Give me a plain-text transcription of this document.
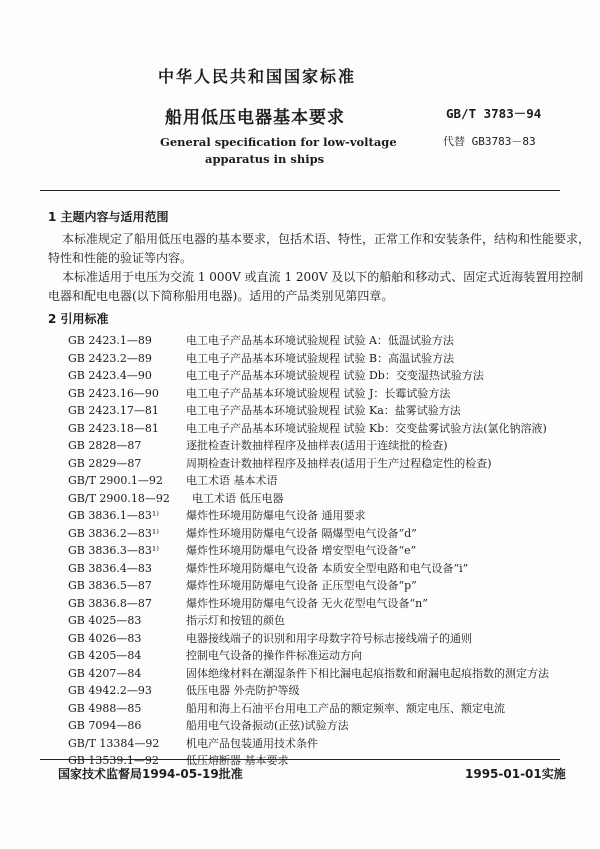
中华人民共和国国家标准
船用低压电器基本要求	GB/T 3783－94
General specification for low-voltage
apparatus in ships
代替 GB3783－83
1 主题内容与适用范围
本标准规定了船用低压电器的基本要求，包括术语、特性，正常工作和安装条件，结构和性能要求，
特性和性能的验证等内容。
本标准适用于电压为交流 1 000V 或直流 1 200V 及以下的船舶和移动式、固定式近海装置用控制
电器和配电电器(以下简称船用电器)。适用的产品类别见第四章。
2 引用标准
GB 2423.1—89	电工电子产品基本环境试验规程 试验 A：低温试验方法
GB 2423.2—89	电工电子产品基本环境试验规程 试验 B：高温试验方法
GB 2423.4—90	电工电子产品基本环境试验规程 试验 Db：交变湿热试验方法
GB 2423.16—90 电工电子产品基本环境试验规程 试验 J：长霉试验方法
GB 2423.17—81 电工电子产品基本环境试验规程 试验 Ka：盐雾试验方法
GB 2423.18—81 电工电子产品基本环境试验规程 试验 Kb：交变盐雾试验方法(氯化钠溶液)
GB 2828—87	逐批检查计数抽样程序及抽样表(适用于连续批的检查)
GB 2829—87	周期检查计数抽样程序及抽样表(适用于生产过程稳定性的检查)
GB/T 2900.1—92 电工术语 基本术语
GB/T 2900.18—92 电工术语 低压电器
GB 3836.1—83¹⁾ 爆炸性环境用防爆电气设备 通用要求
GB 3836.2—83¹⁾ 爆炸性环境用防爆电气设备 隔爆型电气设备“d”
GB 3836.3—83¹⁾ 爆炸性环境用防爆电气设备 增安型电气设备“e”
GB 3836.4—83	爆炸性环境用防爆电气设备 本质安全型电路和电气设备“i”
GB 3836.5—87	爆炸性环境用防爆电气设备 正压型电气设备“p”
GB 3836.8—87	爆炸性环境用防爆电气设备 无火花型电气设备“n”
GB 4025—83	指示灯和按钮的颜色
GB 4026—83	电器接线端子的识别和用字母数字符号标志接线端子的通则
GB 4205—84	控制电气设备的操作件标准运动方向
GB 4207—84	固体绝缘材料在潮湿条件下相比漏电起痕指数和耐漏电起痕指数的测定方法
GB 4942.2—93	低压电器 外壳防护等级
GB 4988—85	船用和海上石油平台用电工产品的额定频率、额定电压、额定电流
GB 7094—86	船用电气设备振动(正弦)试验方法
GB/T 13384—92 机电产品包装通用技术条件
GB 13539.1—92 低压熔断器 基本要求
国家技术监督局1994-05-19批准	1995-01-01实施
